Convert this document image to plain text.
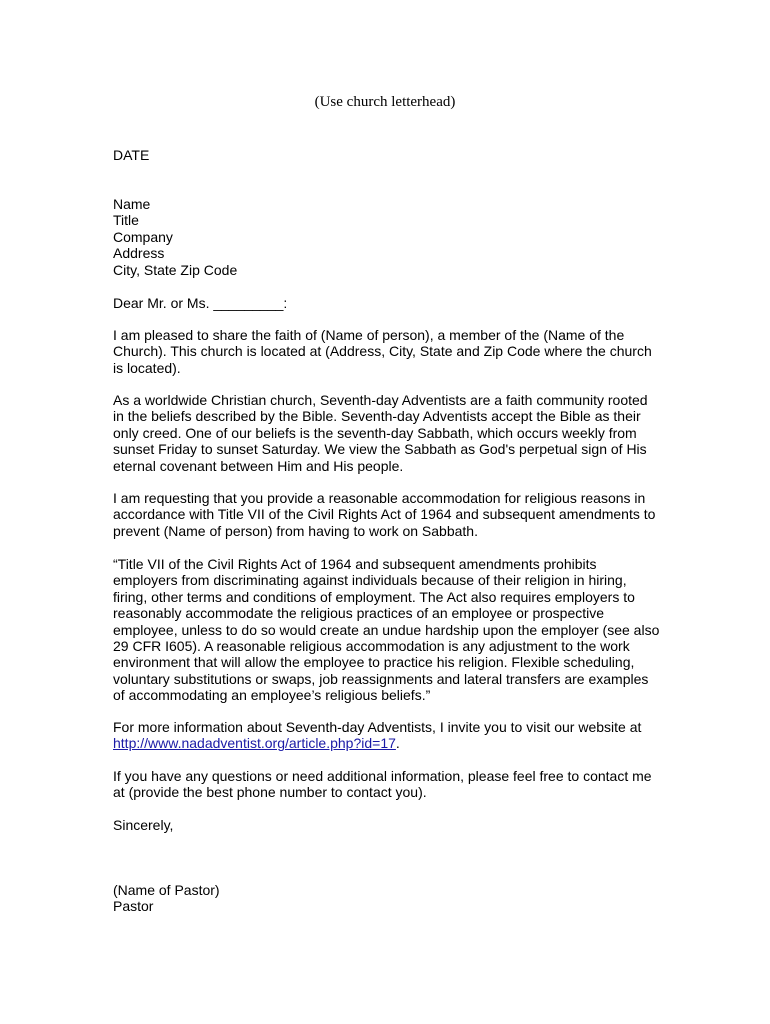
(Use church letterhead)

DATE

Name
Title
Company
Address
City, State Zip Code

Dear Mr. or Ms. _________:

I am pleased to share the faith of (Name of person), a member of the (Name of the
Church). This church is located at (Address, City, State and Zip Code where the church
is located).
As a worldwide Christian church, Seventh-day Adventists are a faith community rooted
in the beliefs described by the Bible. Seventh-day Adventists accept the Bible as their
only creed. One of our beliefs is the seventh-day Sabbath, which occurs weekly from
sunset Friday to sunset Saturday. We view the Sabbath as God's perpetual sign of His
eternal covenant between Him and His people.
I am requesting that you provide a reasonable accommodation for religious reasons in
accordance with Title VII of the Civil Rights Act of 1964 and subsequent amendments to
prevent (Name of person) from having to work on Sabbath.
“Title VII of the Civil Rights Act of 1964 and subsequent amendments prohibits
employers from discriminating against individuals because of their religion in hiring,
firing, other terms and conditions of employment. The Act also requires employers to
reasonably accommodate the religious practices of an employee or prospective
employee, unless to do so would create an undue hardship upon the employer (see also
29 CFR I605). A reasonable religious accommodation is any adjustment to the work
environment that will allow the employee to practice his religion. Flexible scheduling,
voluntary substitutions or swaps, job reassignments and lateral transfers are examples
of accommodating an employee’s religious beliefs.”
For more information about Seventh-day Adventists, I invite you to visit our website at
http://www.nadadventist.org/article.php?id=17.
If you have any questions or need additional information, please feel free to contact me
at (provide the best phone number to contact you).

Sincerely,

(Name of Pastor)
Pastor
